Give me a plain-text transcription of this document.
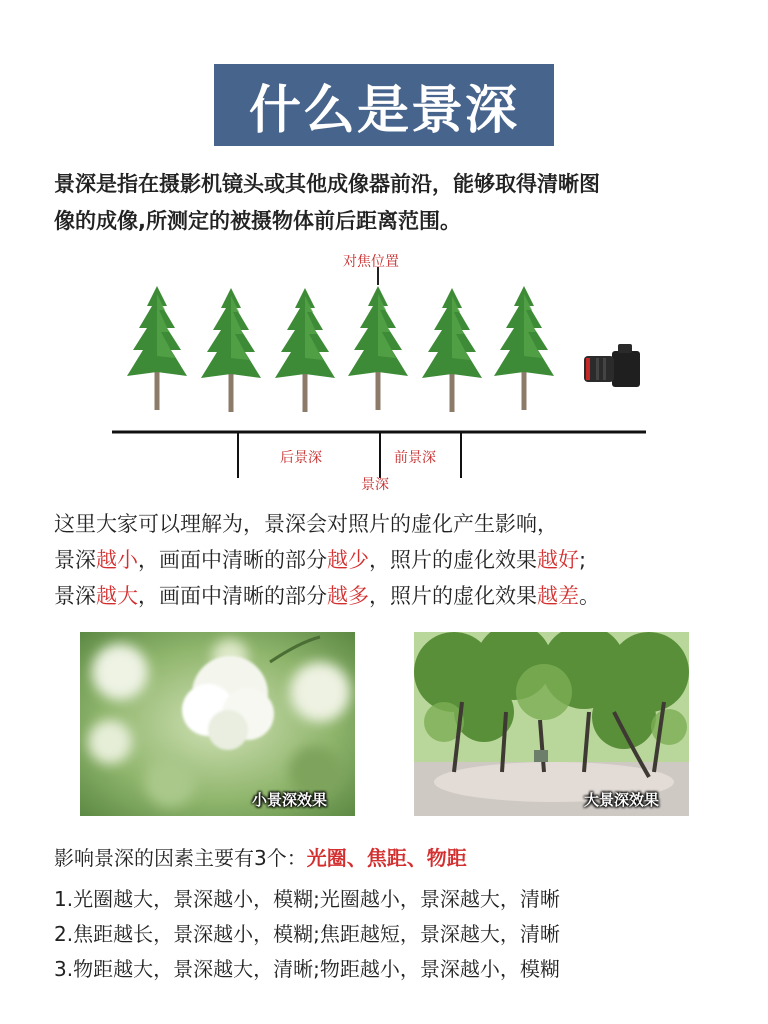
什么是景深
景深是指在摄影机镜头或其他成像器前沿，能够取得清晰图
像的成像,所测定的被摄物体前后距离范围。
对焦位置
后景深	前景深
景深
这里大家可以理解为，景深会对照片的虚化产生影响，
景深越小，画面中清晰的部分越少，照片的虚化效果越好;
景深越大，画面中清晰的部分越多，照片的虚化效果越差。
小景深效果	大景深效果
影响景深的因素主要有3个：光圈、焦距、物距
1.光圈越大，景深越小，模糊;光圈越小，景深越大，清晰
2.焦距越长，景深越小，模糊;焦距越短，景深越大，清晰
3.物距越大，景深越大，清晰;物距越小，景深越小，模糊
